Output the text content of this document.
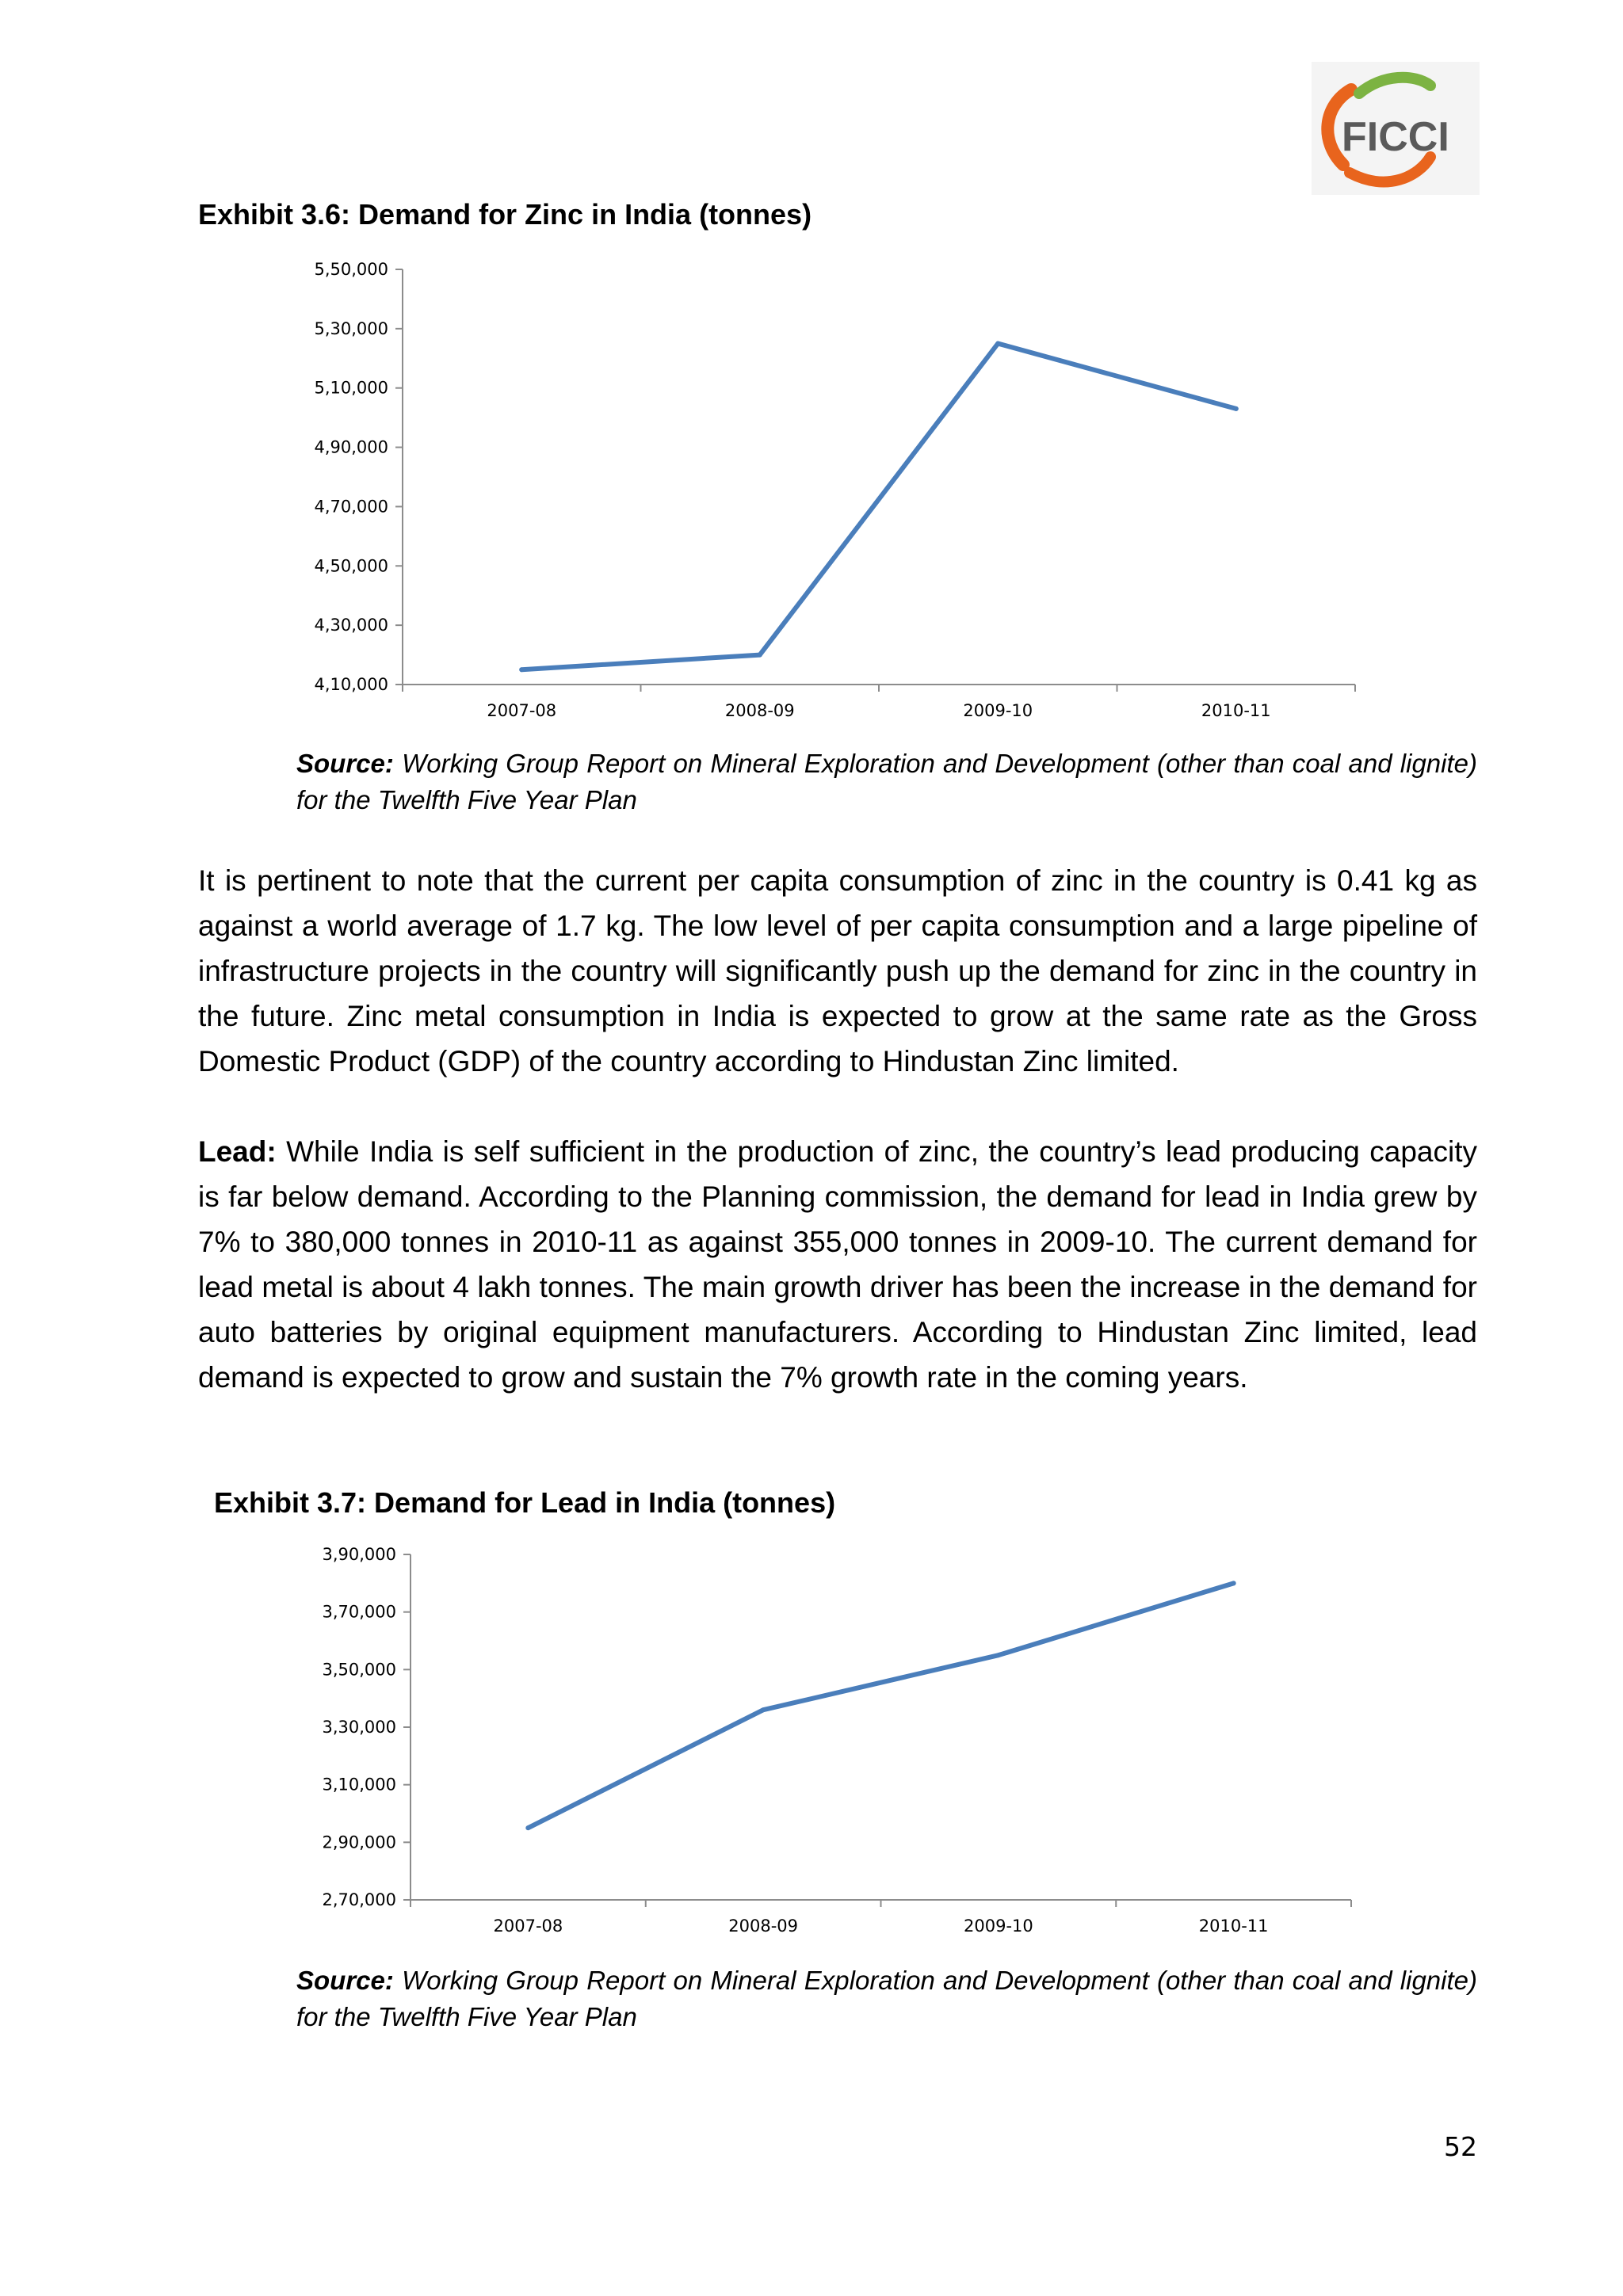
FICCI
Exhibit 3.6: Demand for Zinc in India (tonnes)
4,10,000
4,30,000
4,50,000
4,70,000
4,90,000
5,10,000
5,30,000
5,50,000
2007-08	2008-09	2009-10	2010-11

Source: Working Group Report on Mineral Exploration and Development (other than coal and lignite) for the Twelfth Five Year Plan

It is pertinent to note that the current per capita consumption of zinc in the country is 0.41 kg as against a world average of 1.7 kg. The low level of per capita consumption and a large pipeline of infrastructure projects in the country will significantly push up the demand for zinc in the country in the future. Zinc metal consumption in India is expected to grow at the same rate as the Gross Domestic Product (GDP) of the country according to Hindustan Zinc limited.

Lead: While India is self sufficient in the production of zinc, the country’s lead producing capacity is far below demand. According to the Planning commission, the demand for lead in India grew by 7% to 380,000 tonnes in 2010-11 as against 355,000 tonnes in 2009-10. The current demand for lead metal is about 4 lakh tonnes. The main growth driver has been the increase in the demand for auto batteries by original equipment manufacturers. According to Hindustan Zinc limited, lead demand is expected to grow and sustain the 7% growth rate in the coming years.

Exhibit 3.7: Demand for Lead in India (tonnes)
2,70,000
2,90,000
3,10,000
3,30,000
3,50,000
3,70,000
3,90,000
2007-08	2008-09	2009-10	2010-11

Source: Working Group Report on Mineral Exploration and Development (other than coal and lignite) for the Twelfth Five Year Plan

52
